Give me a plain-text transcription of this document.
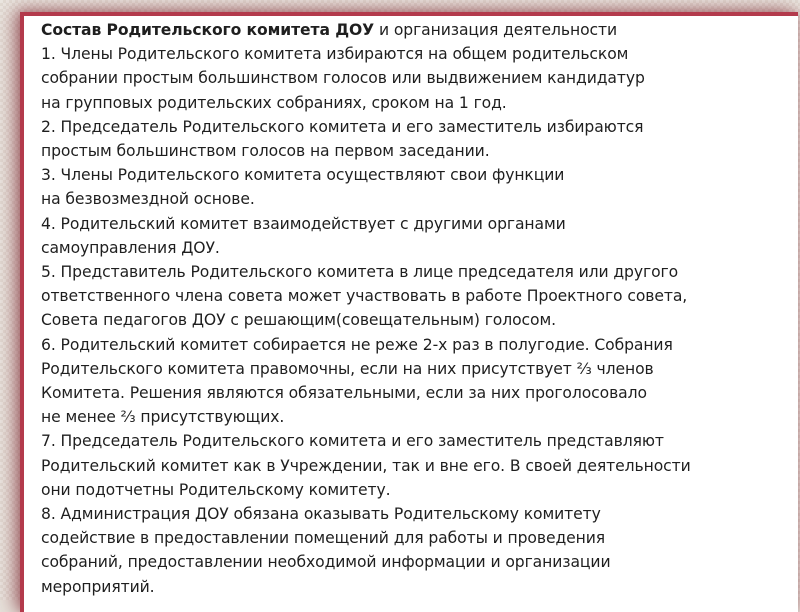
Состав Родительского комитета ДОУ и организация деятельности
1. Члены Родительского комитета избираются на общем родительском
собрании простым большинством голосов или выдвижением кандидатур
на групповых родительских собраниях, сроком на 1 год.
2. Председатель Родительского комитета и его заместитель избираются
простым большинством голосов на первом заседании.
3. Члены Родительского комитета осуществляют свои функции
на безвозмездной основе.
4. Родительский комитет взаимодействует с другими органами
самоуправления ДОУ.
5. Представитель Родительского комитета в лице председателя или другого
ответственного члена совета может участвовать в работе Проектного совета,
Совета педагогов ДОУ с решающим(совещательным) голосом.
6. Родительский комитет собирается не реже 2-х раз в полугодие. Собрания
Родительского комитета правомочны, если на них присутствует ⅔ членов
Комитета. Решения являются обязательными, если за них проголосовало
не менее ⅔ присутствующих.
7. Председатель Родительского комитета и его заместитель представляют
Родительский комитет как в Учреждении, так и вне его. В своей деятельности
они подотчетны Родительскому комитету.
8. Администрация ДОУ обязана оказывать Родительскому комитету
содействие в предоставлении помещений для работы и проведения
собраний, предоставлении необходимой информации и организации
мероприятий.
